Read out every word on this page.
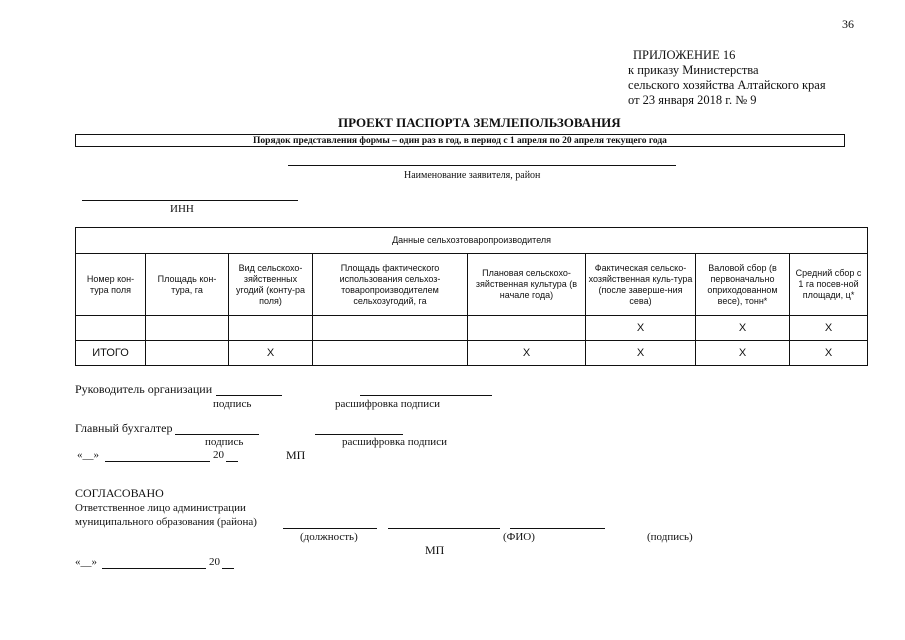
36
ПРИЛОЖЕНИЕ 16
к приказу Министерства
сельского хозяйства Алтайского края
от 23 января 2018 г. № 9
ПРОЕКТ ПАСПОРТА ЗЕМЛЕПОЛЬЗОВАНИЯ
Порядок представления формы – один раз в год, в период с 1 апреля по 20 апреля текущего года
Наименование заявителя, район
ИНН
Данные сельхозтоваропроизводителя							
Номер кон-тура поля	Площадь кон-тура, га	Вид сельскохо-зяйственных угодий (конту-ра поля)	Площадь фактического использования сельхоз-товаропроизводителем сельхозугодий, га	Плановая сельскохо-зяйственная культура (в начале года)	Фактическая сельско-хозяйственная куль-тура (после заверше-ния сева)	Валовой сбор (в первоначально оприходованном весе), тонн*	Средний сбор с 1 га посев-ной площади, ц*
					X	X	X
ИТОГО		X		X	X	X	X
Руководитель организации
подпись	расшифровка подписи
Главный бухгалтер
подпись	расшифровка подписи
«__»	20	МП
СОГЛАСОВАНО
Ответственное лицо администрации
муниципального образования (района)
(должность)	(ФИО)	(подпись)
МП
«__»	20
